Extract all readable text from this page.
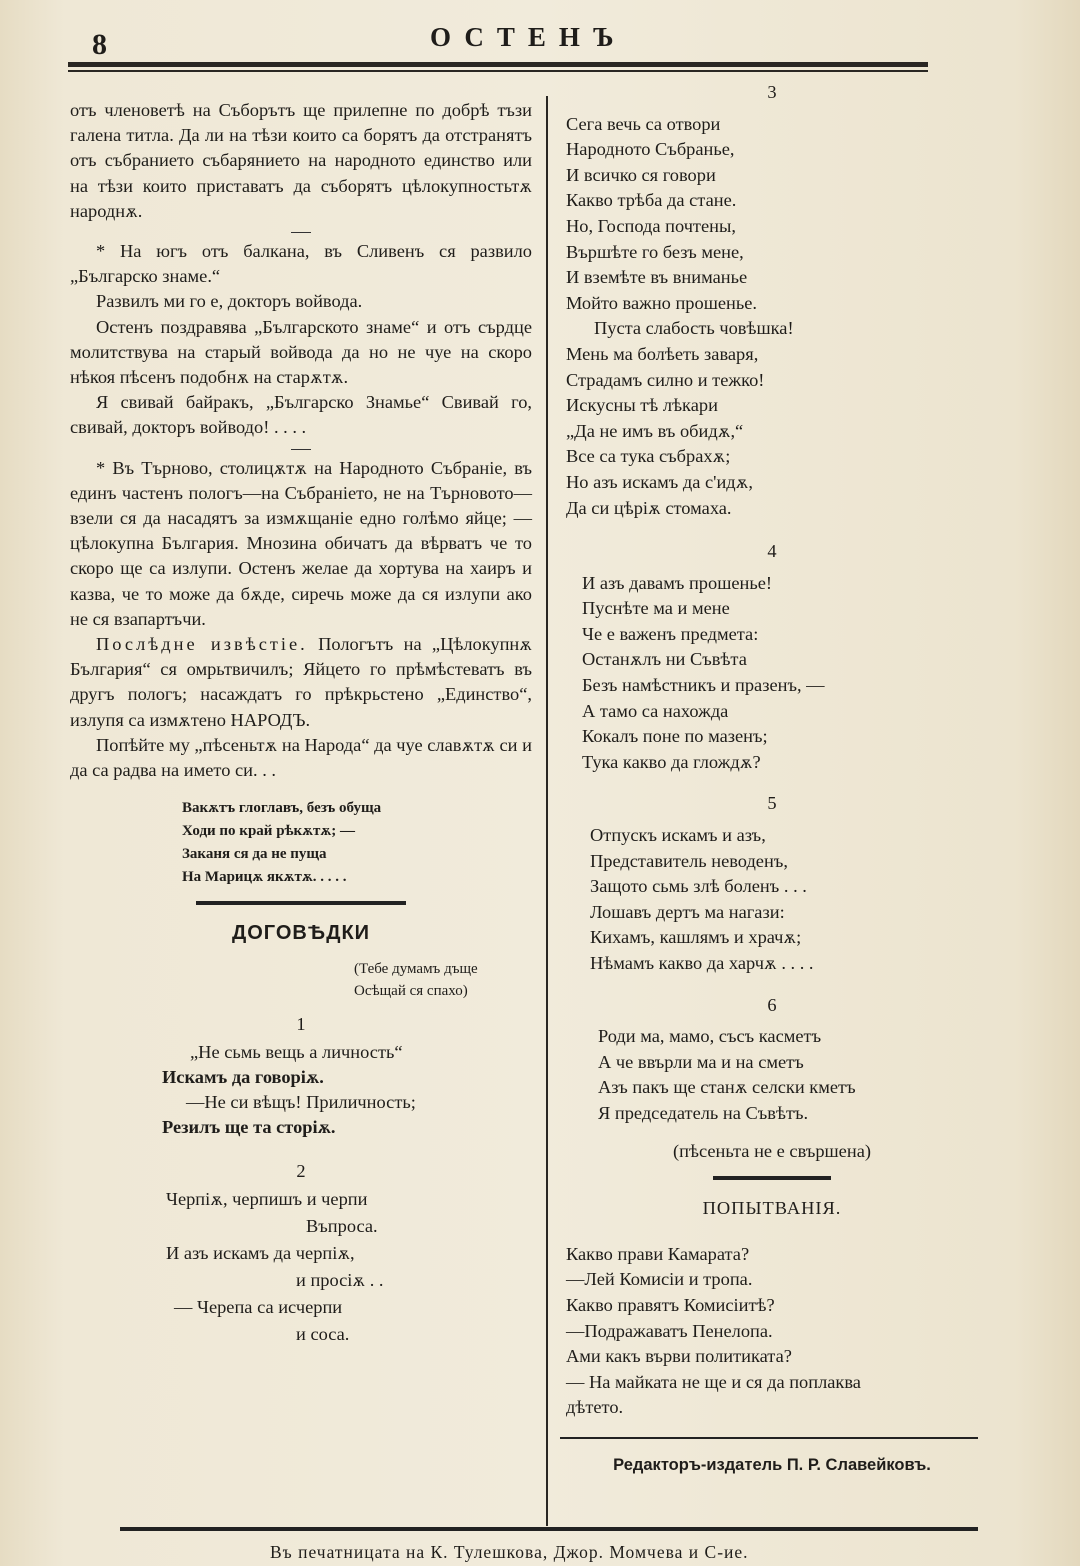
8	ОСТЕНЪ

отъ членоветѣ на Съборътъ ще прилепне по добрѣ тъзи галена титла. Да ли на тѣзи които са борятъ да отстранятъ отъ събранието събарянието на народното единство или на тѣзи които приставатъ да съборятъ цѣлокупностьтѫ народнѫ.

* На югъ отъ балкана, въ Сливенъ ся развило „Българско знаме.“

Развилъ ми го е, докторъ войвода.

Остенъ поздравява „Българското знаме“ и отъ сърдце молитствува на старый войвода да но не чуе на скоро нѣкоя пѣсенъ подобнѫ на старѫтѫ.

Я свивай байракъ, „Българско Знамье“ Свивай го, свивай, докторъ войводо! . . . .

* Въ Търново, столицѫтѫ на Народното Събраніе, въ единъ частенъ пологъ—на Събраніето, не на Търновото—взели ся да насадятъ за измѫщаніе едно голѣмо яйце; —цѣлокупна България. Мнозина обичатъ да вѣрватъ че то скоро ще са излупи. Остенъ желае да хортува на хаиръ и казва, че то може да бѫде, сиречь може да ся излупи ако не ся взапартъчи.

Послѣдне извѣстіе. Пологътъ на „Цѣлокупнѫ България“ ся омрьтвичилъ; Яйцето го прѣмѣстеватъ въ другъ пологъ; насаждатъ го прѣкрьстено „Единство“, излупя са измѫтено НАРОДЪ.

Попѣйте му „пѣсеньтѫ на Народа“ да чуе славѫтѫ си и да са радва на името си. . .

Вакѫтъ глоглавъ, безъ обуща
Ходи по край рѣкѫтѫ; —
Заканя ся да не пуща
На Марицѫ якѫтѫ. . . . .
ДОГОВѢДКИ
(Тебе думамъ дъще
Осѣщай ся спахо)
1
„Не сьмь вещь а личность“
Искамъ да говоріѫ.
—Не си вѣщъ! Приличность;
Резилъ ще та сторіѫ.
2
Черпіѫ, черпишъ и черпи
Въпроса.
И азъ искамъ да черпіѫ,
и просіѫ . .
— Черепа са исчерпи
и соса.
3
Сега вечь са отвори
Народното Събранье,
И всичко ся говори
Какво трѣба да стане.
Но, Господа почтены,
Вършѣте го безъ мене,
И вземѣте въ вниманье
Мойто важно прошенье.
Пуста слабость човѣшка!
Мень ма болѣеть заваря,
Страдамъ силно и тежко!
Искусны тѣ лѣкари
„Да не имъ въ обидѫ,“
Все са тука събрахѫ;
Но азъ искамъ да с'идѫ,
Да си цѣріѫ стомаха.
4
И азъ давамъ прошенье!
Пуснѣте ма и мене
Че е важенъ предмета:
Останѫлъ ни Съвѣта
Безъ намѣстникъ и празенъ, —
А тамо са нахожда
Кокалъ поне по мазенъ;
Тука какво да глождѫ?
5
Отпускъ искамъ и азъ,
Представитель неводенъ,
Защото сьмь злѣ боленъ . . .
Лошавъ дертъ ма нагази:
Кихамъ, кашлямъ и храчѫ;
Нѣмамъ какво да харчѫ . . . .
6
Роди ма, мамо, съсъ касметъ
А че ввърли ма и на сметъ
Азъ пакъ ще станѫ селски кметъ
Я председатель на Съвѣтъ.
(пѣсеньта не е свършена)
ПОПЫТВАНІЯ.
Какво прави Камарата?
—Лей Комисіи и тропа.
Какво правятъ Комисіитѣ?
—Подражаватъ Пенелопа.
Ами какъ върви политиката?
— На майката не ще и ся да поплаква
дѣтето.
Редакторъ-издатель П. Р. Славейковъ.
Въ печатницата на К. Тулешкова, Джор. Момчева и С-ие.
